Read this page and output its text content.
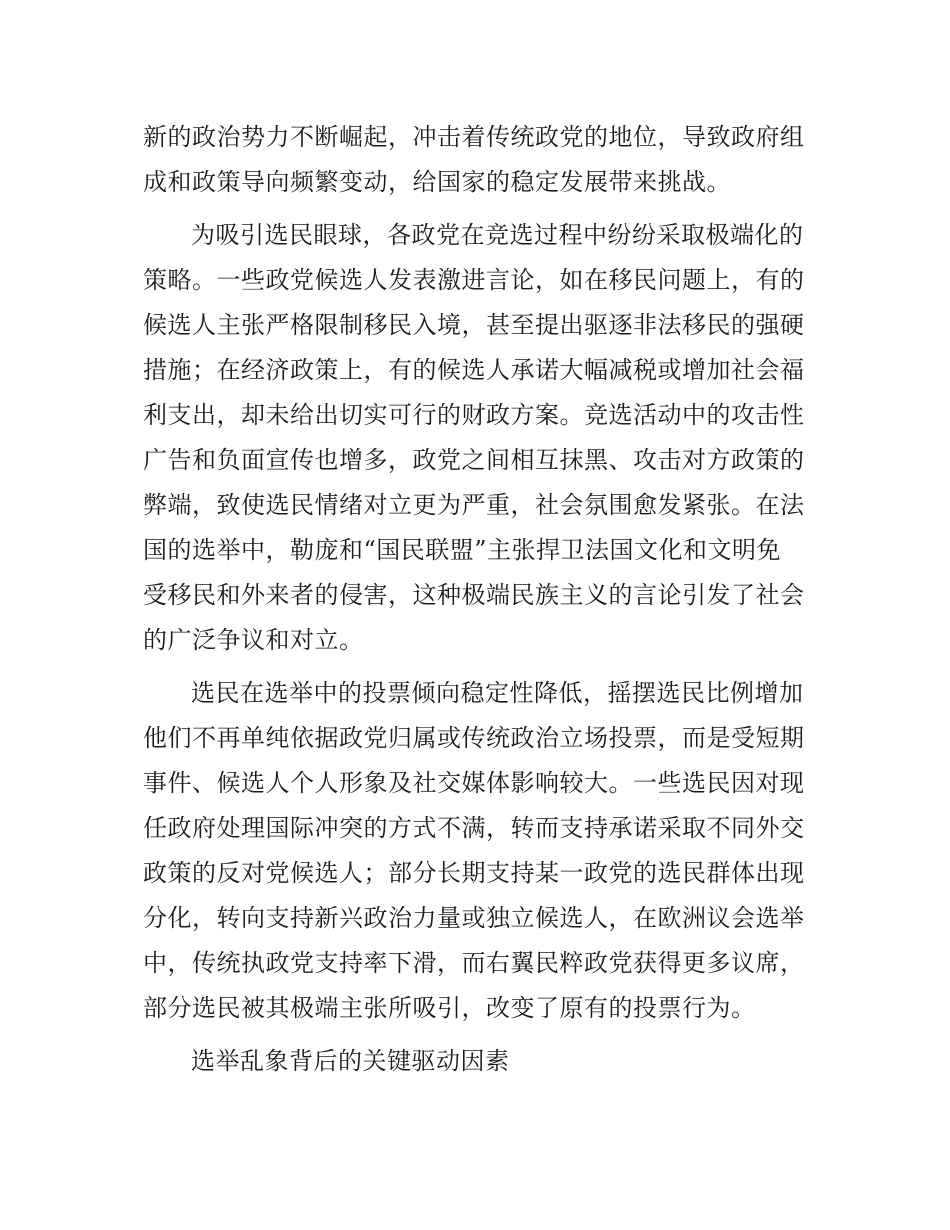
新的政治势力不断崛起，冲击着传统政党的地位，导致政府组

成和政策导向频繁变动，给国家的稳定发展带来挑战。

为吸引选民眼球，各政党在竞选过程中纷纷采取极端化的

策略。一些政党候选人发表激进言论，如在移民问题上，有的

候选人主张严格限制移民入境，甚至提出驱逐非法移民的强硬

措施；在经济政策上，有的候选人承诺大幅减税或增加社会福

利支出，却未给出切实可行的财政方案。竞选活动中的攻击性

广告和负面宣传也增多，政党之间相互抹黑、攻击对方政策的

弊端，致使选民情绪对立更为严重，社会氛围愈发紧张。在法

国的选举中，勒庞和“国民联盟”主张捍卫法国文化和文明免

受移民和外来者的侵害，这种极端民族主义的言论引发了社会

的广泛争议和对立。

选民在选举中的投票倾向稳定性降低，摇摆选民比例增加

他们不再单纯依据政党归属或传统政治立场投票，而是受短期

事件、候选人个人形象及社交媒体影响较大。一些选民因对现

任政府处理国际冲突的方式不满，转而支持承诺采取不同外交

政策的反对党候选人；部分长期支持某一政党的选民群体出现

分化，转向支持新兴政治力量或独立候选人，在欧洲议会选举

中，传统执政党支持率下滑，而右翼民粹政党获得更多议席，

部分选民被其极端主张所吸引，改变了原有的投票行为。

选举乱象背后的关键驱动因素
